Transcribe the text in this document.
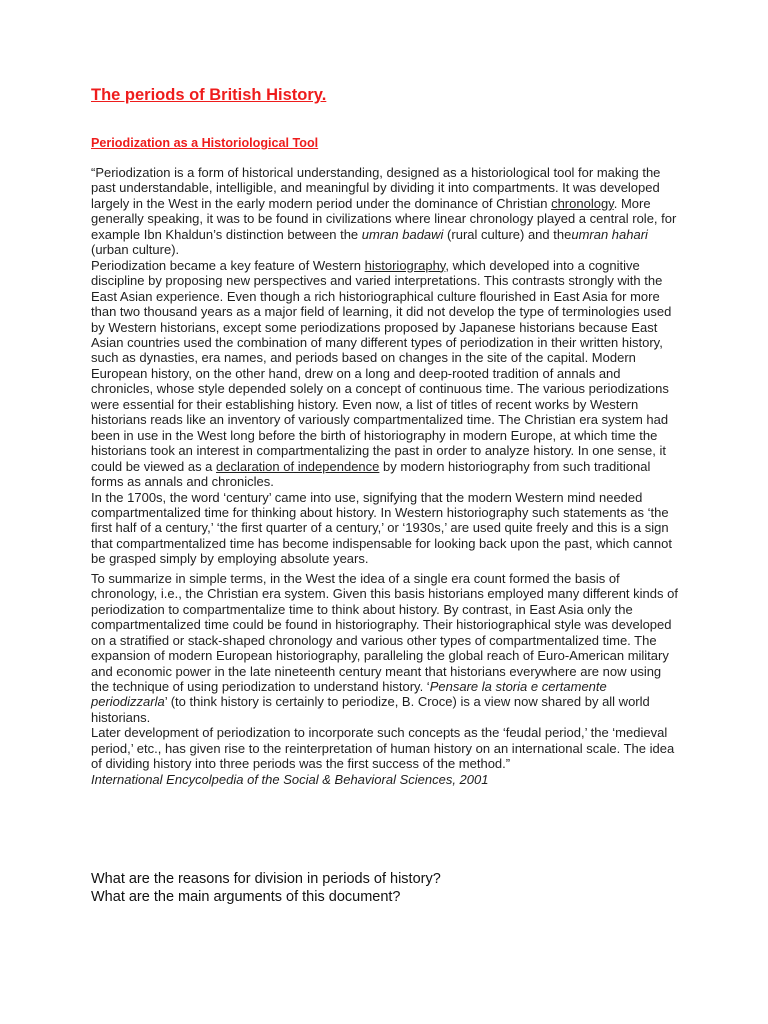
The periods of British History.
Periodization as a Historiological Tool

“Periodization is a form of historical understanding, designed as a historiological tool for making the past understandable, intelligible, and meaningful by dividing it into compartments. It was developed largely in the West in the early modern period under the dominance of Christian chronology. More generally speaking, it was to be found in civilizations where linear chronology played a central role, for example Ibn Khaldun’s distinction between the umran badawi (rural culture) and theumran hahari (urban culture).

Periodization became a key feature of Western historiography, which developed into a cognitive discipline by proposing new perspectives and varied interpretations. This contrasts strongly with the East Asian experience. Even though a rich historiographical culture flourished in East Asia for more than two thousand years as a major field of learning, it did not develop the type of terminologies used by Western historians, except some periodizations proposed by Japanese historians because East Asian countries used the combination of many different types of periodization in their written history, such as dynasties, era names, and periods based on changes in the site of the capital. Modern European history, on the other hand, drew on a long and deep-rooted tradition of annals and chronicles, whose style depended solely on a concept of continuous time. The various periodizations were essential for their establishing history. Even now, a list of titles of recent works by Western historians reads like an inventory of variously compartmentalized time. The Christian era system had been in use in the West long before the birth of historiography in modern Europe, at which time the historians took an interest in compartmentalizing the past in order to analyze history. In one sense, it could be viewed as a declaration of independence by modern historiography from such traditional forms as annals and chronicles.

In the 1700s, the word ‘century’ came into use, signifying that the modern Western mind needed compartmentalized time for thinking about history. In Western historiography such statements as ‘the first half of a century,’ ‘the first quarter of a century,’ or ‘1930s,’ are used quite freely and this is a sign that compartmentalized time has become indispensable for looking back upon the past, which cannot be grasped simply by employing absolute years.

To summarize in simple terms, in the West the idea of a single era count formed the basis of chronology, i.e., the Christian era system. Given this basis historians employed many different kinds of periodization to compartmentalize time to think about history. By contrast, in East Asia only the compartmentalized time could be found in historiography. Their historiographical style was developed on a stratified or stack-shaped chronology and various other types of compartmentalized time. The expansion of modern European historiography, paralleling the global reach of Euro-American military and economic power in the late nineteenth century meant that historians everywhere are now using the technique of using periodization to understand history. ‘Pensare la storia e certamente periodizzarla’ (to think history is certainly to periodize, B. Croce) is a view now shared by all world historians.

Later development of periodization to incorporate such concepts as the ‘feudal period,’ the ‘medieval period,’ etc., has given rise to the reinterpretation of human history on an international scale. The idea of dividing history into three periods was the first success of the method.”

International Encycolpedia of the Social & Behavioral Sciences, 2001

What are the reasons for division in periods of history?

What are the main arguments of this document?
